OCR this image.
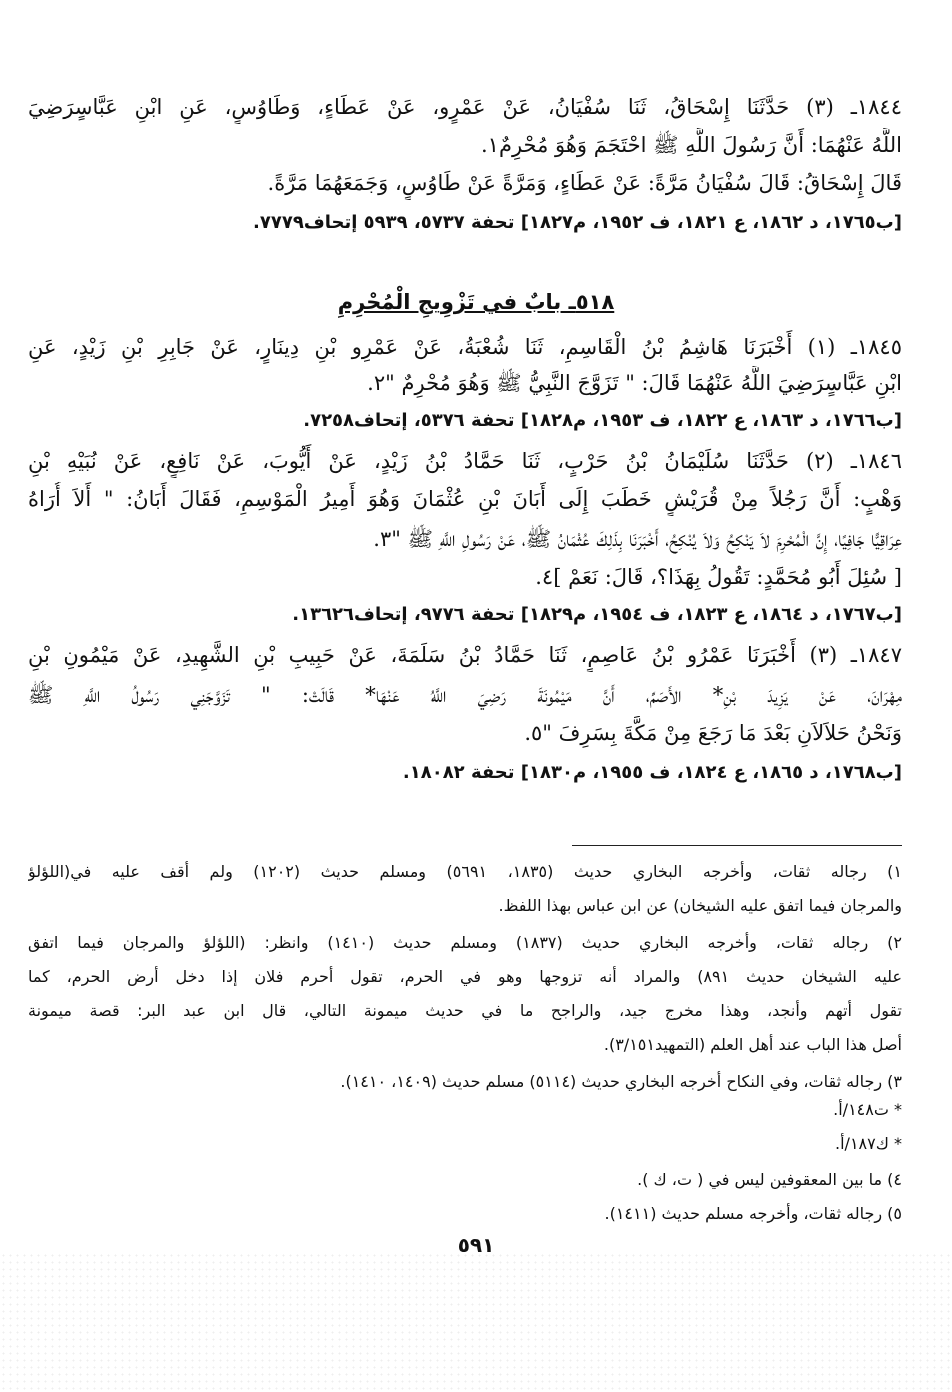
١٨٤٤ـ (٣) حَدَّثَنَا إِسْحَاقُ، ثَنَا سُفْيَانُ، عَنْ عَمْرٍو، عَنْ عَطَاءٍ، وَطَاوُسٍ، عَنِ ابْنِ عَبَّاسٍرَضِيَ
اللَّهُ عَنْهُمَا: أَنَّ رَسُولَ اللَّهِ ﷺ احْتَجَمَ وَهُوَ مُحْرِمٌ١.
قَالَ إِسْحَاقُ: قَالَ سُفْيَانُ مَرَّةً: عَنْ عَطَاءٍ، وَمَرَّةً عَنْ طَاوُسٍ، وَجَمَعَهُمَا مَرَّةً.
[ب١٧٦٥، د ١٨٦٢، ع ١٨٢١، ف ١٩٥٢، م١٨٢٧] تحفة ٥٧٣٧، ٥٩٣٩ إتحاف٧٧٧٩.
٥١٨ـ بابٌ في تَزْوِيجِ الْمُحْرِمِ
١٨٤٥ـ (١) أَخْبَرَنَا هَاشِمُ بْنُ الْقَاسِمِ، ثَنَا شُعْبَةُ، عَنْ عَمْرِو بْنِ دِينَارٍ، عَنْ جَابِرِ بْنِ زَيْدٍ، عَنِ
ابْنِ عَبَّاسٍرَضِيَ اللَّهُ عَنْهُمَا قَالَ: " تَزَوَّجَ النَّبِيُّ ﷺ وَهُوَ مُحْرِمٌ "٢.
[ب١٧٦٦، د ١٨٦٣، ع ١٨٢٢، ف ١٩٥٣، م١٨٢٨] تحفة ٥٣٧٦، إتحاف٧٢٥٨.
١٨٤٦ـ (٢) حَدَّثَنَا سُلَيْمَانُ بْنُ حَرْبٍ، ثَنَا حَمَّادُ بْنُ زَيْدٍ، عَنْ أَيُّوبَ، عَنْ نَافِعٍ، عَنْ نُبَيْهِ بْنِ
وَهْبٍ: أَنَّ رَجُلاً مِنْ قُرَيْشٍ خَطَبَ إِلَى أَبَانَ بْنِ عُثْمَانَ وَهُوَ أَمِيرُ الْمَوْسِمِ، فَقَالَ أَبَانُ: " أَلاَ أُرَاهُ
عِرَاقِيًّا جَافِيًا، إِنَّ الْمُحْرِمَ لاَ يَنْكِحُ وَلاَ يُنْكِحُ، أَخْبَرَنَا بِذَلِكَ عُثْمَانُ ﷺ، عَنْ رَسُولِ اللَّهِ ﷺ "٣.
[ سُئِلَ أَبُو مُحَمَّدٍ: تَقُولُ بِهَذَا؟، قَالَ: نَعَمْ ]٤.
[ب١٧٦٧، د ١٨٦٤، ع ١٨٢٣، ف ١٩٥٤، م١٨٢٩] تحفة ٩٧٧٦، إتحاف١٣٦٢٦.
١٨٤٧ـ (٣) أَخْبَرَنَا عَمْرُو بْنُ عَاصِمٍ، ثَنَا حَمَّادُ بْنُ سَلَمَةَ، عَنْ حَبِيبِ بْنِ الشَّهِيدِ، عَنْ مَيْمُونِ بْنِ
مِهْرَانَ، عَنْ يَزِيدَ بْنِ* الأَصَمِّ، أَنَّ مَيْمُونَةَ رَضِيَ اللَّهُ عَنْهَا* قَالَتْ: " تَزَوَّجَنِي رَسُولُ اللَّهِ ﷺ
وَنَحْنُ حَلاَلاَنِ بَعْدَ مَا رَجَعَ مِنْ مَكَّةَ بِسَرِفَ "٥.
[ب١٧٦٨، د ١٨٦٥، ع ١٨٢٤، ف ١٩٥٥، م١٨٣٠] تحفة ١٨٠٨٢.
١) رجاله ثقات، وأخرجه البخاري حديث (١٨٣٥، ٥٦٩١) ومسلم حديث (١٢٠٢) ولم أقف عليه في(اللؤلؤ
والمرجان فيما اتفق عليه الشيخان) عن ابن عباس بهذا اللفظ.
٢) رجاله ثقات، وأخرجه البخاري حديث (١٨٣٧) ومسلم حديث (١٤١٠) وانظر: (اللؤلؤ والمرجان فيما اتفق
عليه الشيخان حديث ٨٩١) والمراد أنه تزوجها وهو في الحرم، تقول أحرم فلان إذا دخل أرض الحرم، كما
تقول أتهم وأنجد، وهذا مخرج جيد، والراجح ما في حديث ميمونة التالي، قال ابن عبد البر: قصة ميمونة
أصل هذا الباب عند أهل العلم (التمهيد٣/١٥١).
٣) رجاله ثقات، وفي النكاح أخرجه البخاري حديث (٥١١٤) مسلم حديث (١٤٠٩، ١٤١٠).
* ت١٤٨/أ.
* ك١٨٧/أ.
٤) ما بين المعقوفين ليس في ( ت، ك ).
٥) رجاله ثقات، وأخرجه مسلم حديث (١٤١١).
٥٩١
